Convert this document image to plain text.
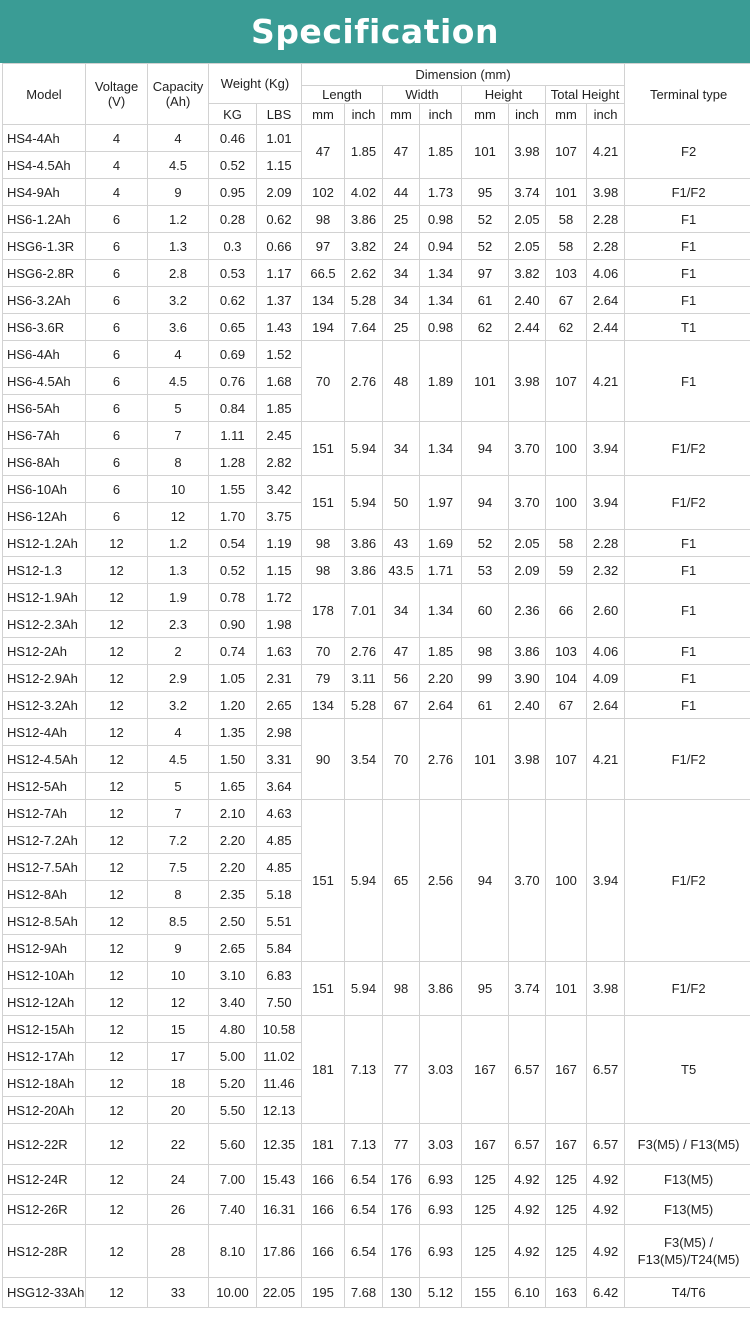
Specification
Model	Voltage (V)	Capacity (Ah)	Weight (Kg)		Dimension (mm)								Terminal type
					Length		Width		Height		Total Height		
			KG	LBS	mm	inch	mm	inch	mm	inch	mm	inch	
HS4-4Ah	4	4	0.46	1.01	47	1.85	47	1.85	101	3.98	107	4.21	F2
HS4-4.5Ah	4	4.5	0.52	1.15									
HS4-9Ah	4	9	0.95	2.09	102	4.02	44	1.73	95	3.74	101	3.98	F1/F2
HS6-1.2Ah	6	1.2	0.28	0.62	98	3.86	25	0.98	52	2.05	58	2.28	F1
HSG6-1.3R	6	1.3	0.3	0.66	97	3.82	24	0.94	52	2.05	58	2.28	F1
HSG6-2.8R	6	2.8	0.53	1.17	66.5	2.62	34	1.34	97	3.82	103	4.06	F1
HS6-3.2Ah	6	3.2	0.62	1.37	134	5.28	34	1.34	61	2.40	67	2.64	F1
HS6-3.6R	6	3.6	0.65	1.43	194	7.64	25	0.98	62	2.44	62	2.44	T1
HS6-4Ah	6	4	0.69	1.52	70	2.76	48	1.89	101	3.98	107	4.21	F1
HS6-4.5Ah	6	4.5	0.76	1.68									
HS6-5Ah	6	5	0.84	1.85									
HS6-7Ah	6	7	1.11	2.45	151	5.94	34	1.34	94	3.70	100	3.94	F1/F2
HS6-8Ah	6	8	1.28	2.82									
HS6-10Ah	6	10	1.55	3.42	151	5.94	50	1.97	94	3.70	100	3.94	F1/F2
HS6-12Ah	6	12	1.70	3.75									
HS12-1.2Ah	12	1.2	0.54	1.19	98	3.86	43	1.69	52	2.05	58	2.28	F1
HS12-1.3	12	1.3	0.52	1.15	98	3.86	43.5	1.71	53	2.09	59	2.32	F1
HS12-1.9Ah	12	1.9	0.78	1.72	178	7.01	34	1.34	60	2.36	66	2.60	F1
HS12-2.3Ah	12	2.3	0.90	1.98									
HS12-2Ah	12	2	0.74	1.63	70	2.76	47	1.85	98	3.86	103	4.06	F1
HS12-2.9Ah	12	2.9	1.05	2.31	79	3.11	56	2.20	99	3.90	104	4.09	F1
HS12-3.2Ah	12	3.2	1.20	2.65	134	5.28	67	2.64	61	2.40	67	2.64	F1
HS12-4Ah	12	4	1.35	2.98	90	3.54	70	2.76	101	3.98	107	4.21	F1/F2
HS12-4.5Ah	12	4.5	1.50	3.31									
HS12-5Ah	12	5	1.65	3.64									
HS12-7Ah	12	7	2.10	4.63	151	5.94	65	2.56	94	3.70	100	3.94	F1/F2
HS12-7.2Ah	12	7.2	2.20	4.85									
HS12-7.5Ah	12	7.5	2.20	4.85									
HS12-8Ah	12	8	2.35	5.18									
HS12-8.5Ah	12	8.5	2.50	5.51									
HS12-9Ah	12	9	2.65	5.84									
HS12-10Ah	12	10	3.10	6.83	151	5.94	98	3.86	95	3.74	101	3.98	F1/F2
HS12-12Ah	12	12	3.40	7.50									
HS12-15Ah	12	15	4.80	10.58	181	7.13	77	3.03	167	6.57	167	6.57	T5
HS12-17Ah	12	17	5.00	11.02									
HS12-18Ah	12	18	5.20	11.46									
HS12-20Ah	12	20	5.50	12.13									
HS12-22R	12	22	5.60	12.35	181	7.13	77	3.03	167	6.57	167	6.57	F3(M5) / F13(M5)
HS12-24R	12	24	7.00	15.43	166	6.54	176	6.93	125	4.92	125	4.92	F13(M5)
HS12-26R	12	26	7.40	16.31	166	6.54	176	6.93	125	4.92	125	4.92	F13(M5)
HS12-28R	12	28	8.10	17.86	166	6.54	176	6.93	125	4.92	125	4.92	F3(M5) / F13(M5)/T24(M5)
HSG12-33Ah	12	33	10.00	22.05	195	7.68	130	5.12	155	6.10	163	6.42	T4/T6
